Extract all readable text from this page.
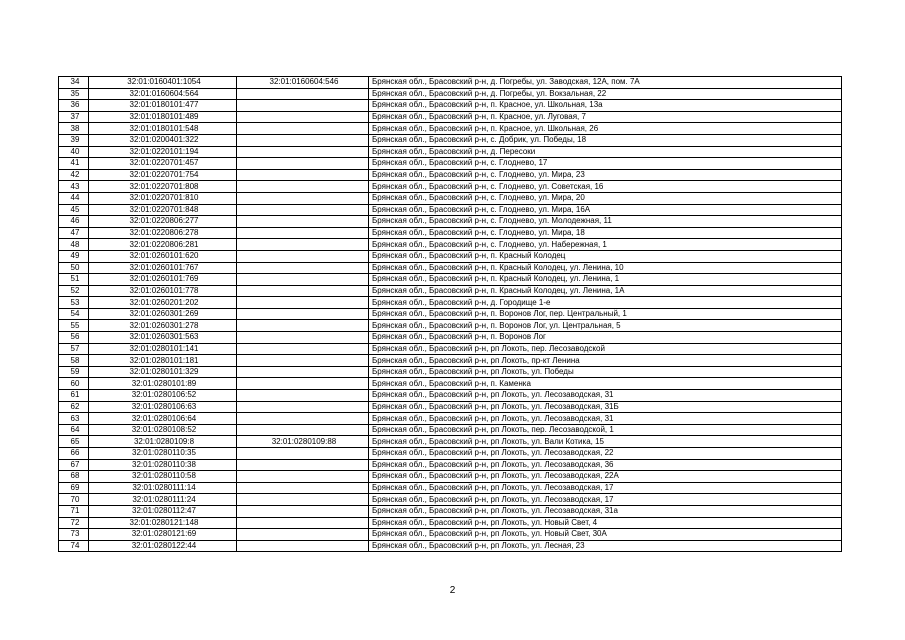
34	32:01:0160401:1054	32:01:0160604:546	Брянская обл., Брасовский р-н, д. Погребы, ул. Заводская, 12А, пом. 7А
35	32:01:0160604:564		Брянская обл., Брасовский р-н, д. Погребы, ул. Вокзальная, 22
36	32:01:0180101:477		Брянская обл., Брасовский р-н, п. Красное, ул. Школьная, 13а
37	32:01:0180101:489		Брянская обл., Брасовский р-н, п. Красное, ул. Луговая, 7
38	32:01:0180101:548		Брянская обл., Брасовский р-н, п. Красное, ул. Школьная, 26
39	32:01:0200401:322		Брянская обл., Брасовский р-н, с. Добрик, ул. Победы, 18
40	32:01:0220101:194		Брянская обл., Брасовский р-н, д. Пересоки
41	32:01:0220701:457		Брянская обл., Брасовский р-н, с. Глоднево, 17
42	32:01:0220701:754		Брянская обл., Брасовский р-н, с. Глоднево, ул. Мира, 23
43	32:01:0220701:808		Брянская обл., Брасовский р-н, с. Глоднево, ул. Советская, 16
44	32:01:0220701:810		Брянская обл., Брасовский р-н, с. Глоднево, ул. Мира, 20
45	32:01:0220701:848		Брянская обл., Брасовский р-н, с. Глоднево, ул. Мира, 16А
46	32:01:0220806:277		Брянская обл., Брасовский р-н, с. Глоднево, ул. Молодежная, 11
47	32:01:0220806:278		Брянская обл., Брасовский р-н, с. Глоднево, ул. Мира, 18
48	32:01:0220806:281		Брянская обл., Брасовский р-н, с. Глоднево, ул. Набережная, 1
49	32:01:0260101:620		Брянская обл., Брасовский р-н, п. Красный Колодец
50	32:01:0260101:767		Брянская обл., Брасовский р-н, п. Красный Колодец, ул. Ленина, 10
51	32:01:0260101:769		Брянская обл., Брасовский р-н, п. Красный Колодец, ул. Ленина, 1
52	32:01:0260101:778		Брянская обл., Брасовский р-н, п. Красный Колодец, ул. Ленина, 1А
53	32:01:0260201:202		Брянская обл., Брасовский р-н, д. Городище 1-е
54	32:01:0260301:269		Брянская обл., Брасовский р-н, п. Воронов Лог, пер. Центральный, 1
55	32:01:0260301:278		Брянская обл., Брасовский р-н, п. Воронов Лог, ул. Центральная, 5
56	32:01:0260301:563		Брянская обл., Брасовский р-н, п. Воронов Лог
57	32:01:0280101:141		Брянская обл., Брасовский р-н, рп Локоть, пер. Лесозаводской
58	32:01:0280101:181		Брянская обл., Брасовский р-н, рп Локоть, пр-кт Ленина
59	32:01:0280101:329		Брянская обл., Брасовский р-н, рп Локоть, ул. Победы
60	32:01:0280101:89		Брянская обл., Брасовский р-н, п. Каменка
61	32:01:0280106:52		Брянская обл., Брасовский р-н, рп Локоть, ул. Лесозаводская, 31
62	32:01:0280106:63		Брянская обл., Брасовский р-н, рп Локоть, ул. Лесозаводская, 31Б
63	32:01:0280106:64		Брянская обл., Брасовский р-н, рп Локоть, ул. Лесозаводская, 31
64	32:01:0280108:52		Брянская обл., Брасовский р-н, рп Локоть, пер. Лесозаводской, 1
65	32:01:0280109:8	32:01:0280109:88	Брянская обл., Брасовский р-н, рп Локоть, ул. Вали Котика, 15
66	32:01:0280110:35		Брянская обл., Брасовский р-н, рп Локоть, ул. Лесозаводская, 22
67	32:01:0280110:38		Брянская обл., Брасовский р-н, рп Локоть, ул. Лесозаводская, 36
68	32:01:0280110:58		Брянская обл., Брасовский р-н, рп Локоть, ул. Лесозаводская, 22А
69	32:01:0280111:14		Брянская обл., Брасовский р-н, рп Локоть, ул. Лесозаводская, 17
70	32:01:0280111:24		Брянская обл., Брасовский р-н, рп Локоть, ул. Лесозаводская, 17
71	32:01:0280112:47		Брянская обл., Брасовский р-н, рп Локоть, ул. Лесозаводская, 31а
72	32:01:0280121:148		Брянская обл., Брасовский р-н, рп Локоть, ул. Новый Свет, 4
73	32:01:0280121:69		Брянская обл., Брасовский р-н, рп Локоть, ул. Новый Свет, 30А
74	32:01:0280122:44		Брянская обл., Брасовский р-н, рп Локоть, ул. Лесная, 23
2
